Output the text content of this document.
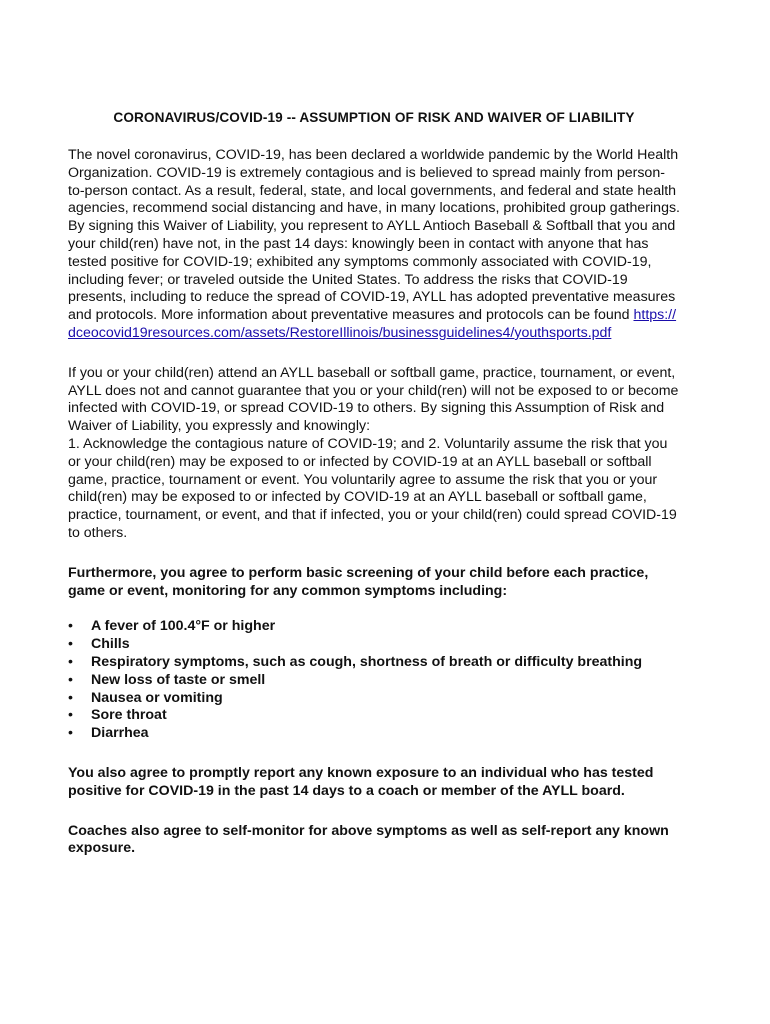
CORONAVIRUS/COVID-19 -- ASSUMPTION OF RISK AND WAIVER OF LIABILITY

The novel coronavirus, COVID-19, has been declared a worldwide pandemic by the World Health Organization. COVID-19 is extremely contagious and is believed to spread mainly from person-to-person contact. As a result, federal, state, and local governments, and federal and state health agencies, recommend social distancing and have, in many locations, prohibited group gatherings. By signing this Waiver of Liability, you represent to AYLL Antioch Baseball & Softball that you and your child(ren) have not, in the past 14 days: knowingly been in contact with anyone that has tested positive for COVID-19; exhibited any symptoms commonly associated with COVID-19, including fever; or traveled outside the United States. To address the risks that COVID-19 presents, including to reduce the spread of COVID-19, AYLL has adopted preventative measures and protocols. More information about preventative measures and protocols can be found https://dceocovid19resources.com/assets/RestoreIllinois/businessguidelines4/youthsports.pdf

If you or your child(ren) attend an AYLL baseball or softball game, practice, tournament, or event, AYLL does not and cannot guarantee that you or your child(ren) will not be exposed to or become infected with COVID-19, or spread COVID-19 to others. By signing this Assumption of Risk and Waiver of Liability, you expressly and knowingly:
1. Acknowledge the contagious nature of COVID-19; and 2. Voluntarily assume the risk that you or your child(ren) may be exposed to or infected by COVID-19 at an AYLL baseball or softball game, practice, tournament or event. You voluntarily agree to assume the risk that you or your child(ren) may be exposed to or infected by COVID-19 at an AYLL baseball or softball game, practice, tournament, or event, and that if infected, you or your child(ren) could spread COVID-19 to others.

Furthermore, you agree to perform basic screening of your child before each practice, game or event, monitoring for any common symptoms including:

• A fever of 100.4°F or higher
• Chills
• Respiratory symptoms, such as cough, shortness of breath or difficulty breathing
• New loss of taste or smell
• Nausea or vomiting
• Sore throat
• Diarrhea

You also agree to promptly report any known exposure to an individual who has tested positive for COVID-19 in the past 14 days to a coach or member of the AYLL board.

Coaches also agree to self-monitor for above symptoms as well as self-report any known exposure.
